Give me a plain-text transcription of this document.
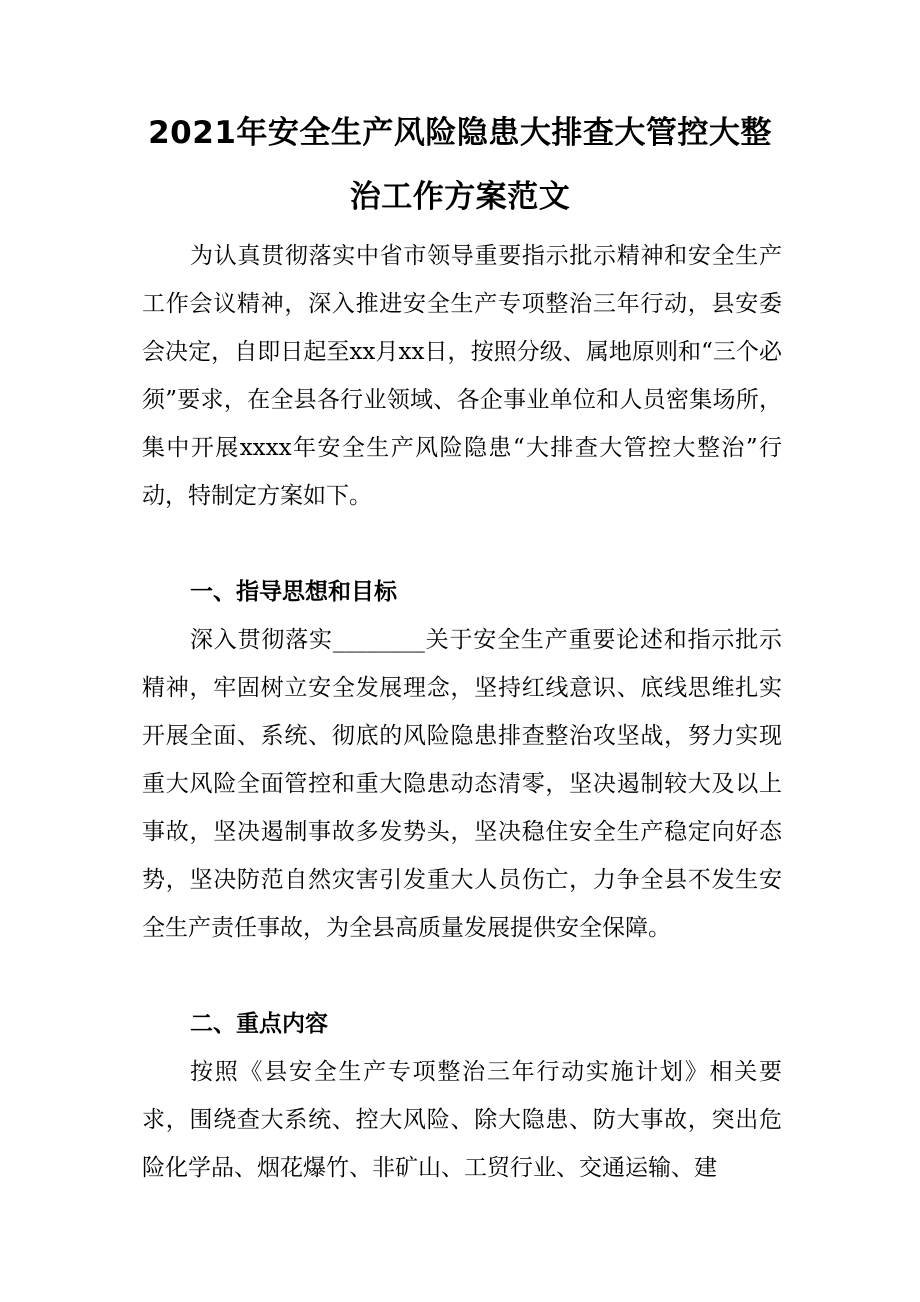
2021年安全生产风险隐患大排查大管控大整
治工作方案范文

为认真贯彻落实中省市领导重要指示批示精神和安全生产工作会议精神，深入推进安全生产专项整治三年行动，县安委会决定，自即日起至xx月xx日，按照分级、属地原则和“三个必须”要求，在全县各行业领域、各企事业单位和人员密集场所，集中开展xxxx年安全生产风险隐患“大排查大管控大整治”行动，特制定方案如下。

一、指导思想和目标

深入贯彻落实________关于安全生产重要论述和指示批示精神，牢固树立安全发展理念，坚持红线意识、底线思维扎实开展全面、系统、彻底的风险隐患排查整治攻坚战，努力实现重大风险全面管控和重大隐患动态清零，坚决遏制较大及以上事故，坚决遏制事故多发势头，坚决稳住安全生产稳定向好态势，坚决防范自然灾害引发重大人员伤亡，力争全县不发生安全生产责任事故，为全县高质量发展提供安全保障。

二、重点内容

按照《县安全生产专项整治三年行动实施计划》相关要求，围绕查大系统、控大风险、除大隐患、防大事故，突出危险化学品、烟花爆竹、非矿山、工贸行业、交通运输、建
